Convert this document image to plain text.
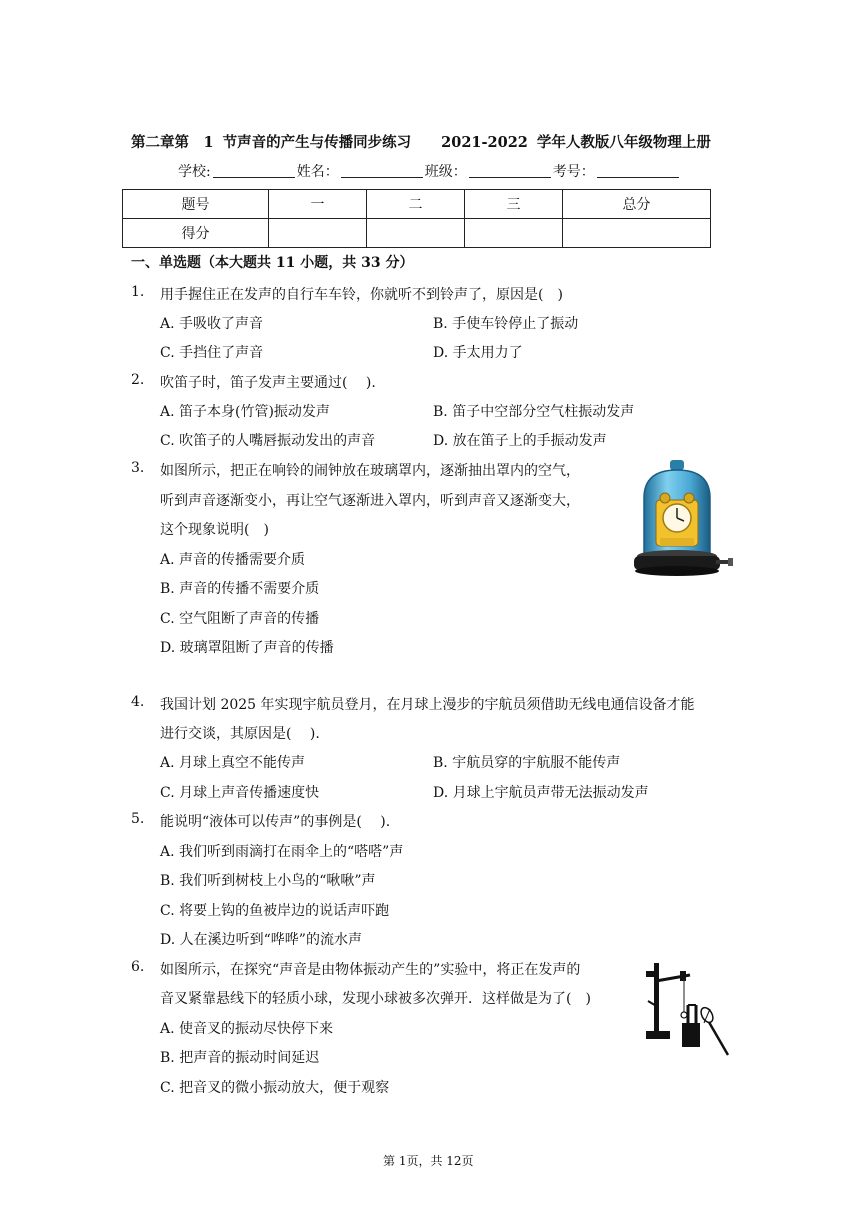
第二章第　1 节声音的产生与传播同步练习 2021-2022 学年人教版八年级物理上册
学校:	姓名：	班级：	考号：
题号	一	二	三	总分
得分				
一、单选题（本大题共 11 小题，共 33 分）
1. 用手握住正在发声的自行车车铃，你就听不到铃声了，原因是(　)
A. 手吸收了声音	B. 手使车铃停止了振动
C. 手挡住了声音	D. 手太用力了
2. 吹笛子时，笛子发声主要通过(　 ).
A. 笛子本身(竹管)振动发声	B. 笛子中空部分空气柱振动发声
C. 吹笛子的人嘴唇振动发出的声音	D. 放在笛子上的手振动发声
3. 如图所示，把正在响铃的闹钟放在玻璃罩内，逐渐抽出罩内的空气，
听到声音逐渐变小，再让空气逐渐进入罩内，听到声音又逐渐变大，
这个现象说明(　)
A. 声音的传播需要介质
B. 声音的传播不需要介质
C. 空气阻断了声音的传播
D. 玻璃罩阻断了声音的传播
4. 我国计划 2025 年实现宇航员登月，在月球上漫步的宇航员须借助无线电通信设备才能
进行交谈，其原因是(　 ).
A. 月球上真空不能传声	B. 宇航员穿的宇航服不能传声
C. 月球上声音传播速度快	D. 月球上宇航员声带无法振动发声
5. 能说明“液体可以传声”的事例是(　 ).
A. 我们听到雨滴打在雨伞上的“嗒嗒”声
B. 我们听到树枝上小鸟的“啾啾”声
C. 将要上钩的鱼被岸边的说话声吓跑
D. 人在溪边听到“哗哗”的流水声
6. 如图所示，在探究“声音是由物体振动产生的”实验中，将正在发声的
音叉紧靠悬线下的轻质小球，发现小球被多次弹开．这样做是为了(　)
A. 使音叉的振动尽快停下来
B. 把声音的振动时间延迟
C. 把音叉的微小振动放大，便于观察
第 1页，共 12页
